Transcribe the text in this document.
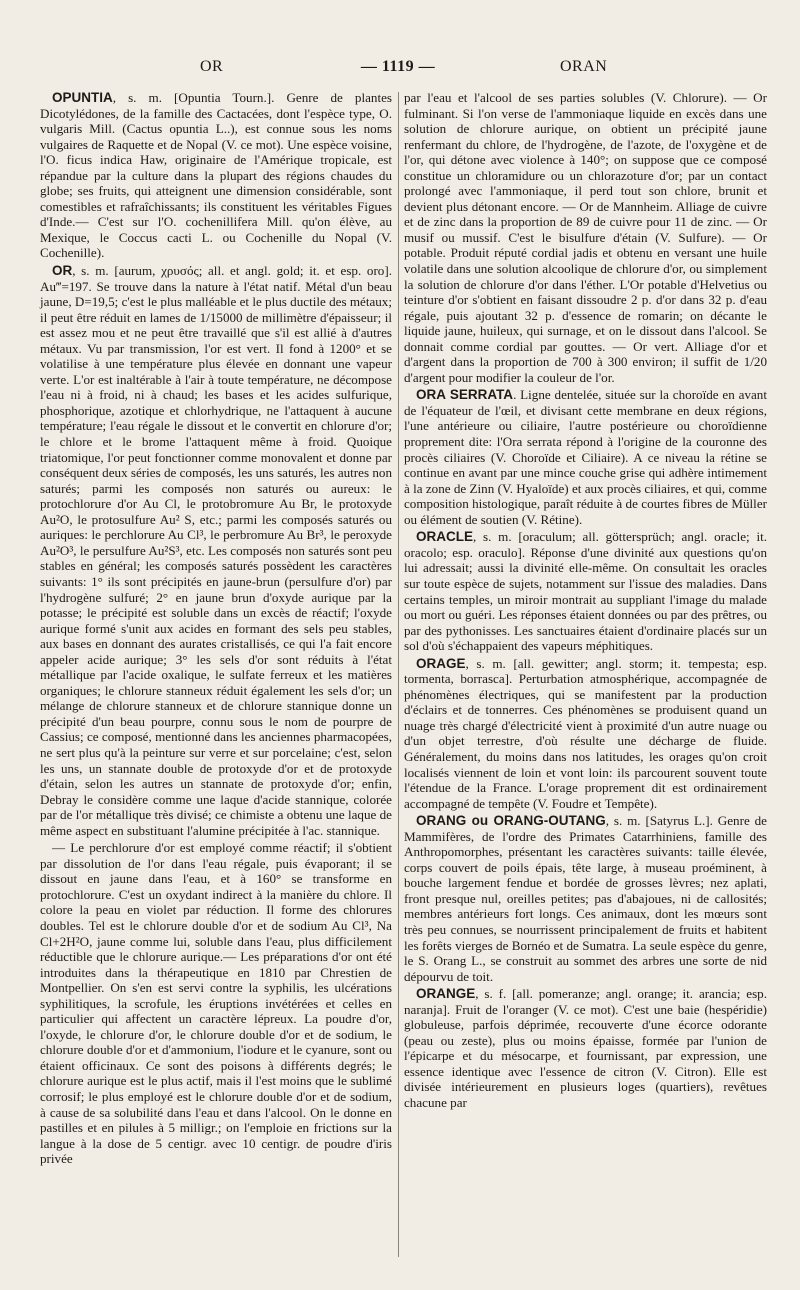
OR	— 1119 —	ORAN

OPUNTIA, s. m. [Opuntia Tourn.]. Genre de plantes Dicotylédones, de la famille des Cactacées, dont l'espèce type, O. vulgaris Mill. (Cactus opuntia L..), est connue sous les noms vulgaires de Raquette et de Nopal (V. ce mot). Une espèce voisine, l'O. ficus indica Haw, originaire de l'Amérique tropicale, est répandue par la culture dans la plupart des régions chaudes du globe; ses fruits, qui atteignent une dimension considérable, sont comestibles et rafraîchissants; ils constituent les véritables Figues d'Inde.— C'est sur l'O. cochenillifera Mill. qu'on élève, au Mexique, le Coccus cacti L. ou Cochenille du Nopal (V. Cochenille).

OR, s. m. [aurum, χρυσός; all. et angl. gold; it. et esp. oro]. Au‴=197. Se trouve dans la nature à l'état natif. Métal d'un beau jaune, D=19,5; c'est le plus malléable et le plus ductile des métaux; il peut être réduit en lames de 1/15000 de millimètre d'épaisseur; il est assez mou et ne peut être travaillé que s'il est allié à d'autres métaux. Vu par transmission, l'or est vert. Il fond à 1200° et se volatilise à une température plus élevée en donnant une vapeur verte. L'or est inaltérable à l'air à toute température, ne décompose l'eau ni à froid, ni à chaud; les bases et les acides sulfurique, phosphorique, azotique et chlorhydrique, ne l'attaquent à aucune température; l'eau régale le dissout et le convertit en chlorure d'or; le chlore et le brome l'attaquent même à froid. Quoique triatomique, l'or peut fonctionner comme monovalent et donne par conséquent deux séries de composés, les uns saturés, les autres non saturés; parmi les composés non saturés ou aureux: le protochlorure d'or Au Cl, le protobromure Au Br, le protoxyde Au²O, le protosulfure Au² S, etc.; parmi les composés saturés ou auriques: le perchlorure Au Cl³, le perbromure Au Br³, le peroxyde Au²O³, le persulfure Au²S³, etc. Les composés non saturés sont peu stables en général; les composés saturés possèdent les caractères suivants: 1° ils sont précipités en jaune-brun (persulfure d'or) par l'hydrogène sulfuré; 2° en jaune brun d'oxyde aurique par la potasse; le précipité est soluble dans un excès de réactif; l'oxyde aurique formé s'unit aux acides en formant des sels peu stables, aux bases en donnant des aurates cristallisés, ce qui l'a fait encore appeler acide aurique; 3° les sels d'or sont réduits à l'état métallique par l'acide oxalique, le sulfate ferreux et les matières organiques; le chlorure stanneux réduit également les sels d'or; un mélange de chlorure stanneux et de chlorure stannique donne un précipité d'un beau pourpre, connu sous le nom de pourpre de Cassius; ce composé, mentionné dans les anciennes pharmacopées, ne sert plus qu'à la peinture sur verre et sur porcelaine; c'est, selon les uns, un stannate double de protoxyde d'or et de protoxyde d'étain, selon les autres un stannate de protoxyde d'or; enfin, Debray le considère comme une laque d'acide stannique, colorée par de l'or métallique très divisé; ce chimiste a obtenu une laque de même aspect en substituant l'alumine précipitée à l'ac. stannique.

— Le perchlorure d'or est employé comme réactif; il s'obtient par dissolution de l'or dans l'eau régale, puis évaporant; il se dissout en jaune dans l'eau, et à 160° se transforme en protochlorure. C'est un oxydant indirect à la manière du chlore. Il colore la peau en violet par réduction. Il forme des chlorures doubles. Tel est le chlorure double d'or et de sodium Au Cl³, Na Cl+2H²O, jaune comme lui, soluble dans l'eau, plus difficilement réductible que le chlorure aurique.— Les préparations d'or ont été introduites dans la thérapeutique en 1810 par Chrestien de Montpellier. On s'en est servi contre la syphilis, les ulcérations syphilitiques, la scrofule, les éruptions invétérées et celles en particulier qui affectent un caractère lépreux. La poudre d'or, l'oxyde, le chlorure d'or, le chlorure double d'or et de sodium, le chlorure double d'or et d'ammonium, l'iodure et le cyanure, sont ou étaient officinaux. Ce sont des poisons à différents degrés; le chlorure aurique est le plus actif, mais il l'est moins que le sublimé corrosif; le plus employé est le chlorure double d'or et de sodium, à cause de sa solubilité dans l'eau et dans l'alcool. On le donne en pastilles et en pilules à 5 milligr.; on l'emploie en frictions sur la langue à la dose de 5 centigr. avec 10 centigr. de poudre d'iris privée

par l'eau et l'alcool de ses parties solubles (V. Chlorure). — Or fulminant. Si l'on verse de l'ammoniaque liquide en excès dans une solution de chlorure aurique, on obtient un précipité jaune renfermant du chlore, de l'hydrogène, de l'azote, de l'oxygène et de l'or, qui détone avec violence à 140°; on suppose que ce composé constitue un chloramidure ou un chlorazoture d'or; par un contact prolongé avec l'ammoniaque, il perd tout son chlore, brunit et devient plus détonant encore. — Or de Mannheim. Alliage de cuivre et de zinc dans la proportion de 89 de cuivre pour 11 de zinc. — Or musif ou mussif. C'est le bisulfure d'étain (V. Sulfure). — Or potable. Produit réputé cordial jadis et obtenu en versant une huile volatile dans une solution alcoolique de chlorure d'or, ou simplement la solution de chlorure d'or dans l'éther. L'Or potable d'Helvetius ou teinture d'or s'obtient en faisant dissoudre 2 p. d'or dans 32 p. d'eau régale, puis ajoutant 32 p. d'essence de romarin; on décante le liquide jaune, huileux, qui surnage, et on le dissout dans l'alcool. Se donnait comme cordial par gouttes. — Or vert. Alliage d'or et d'argent dans la proportion de 700 à 300 environ; il suffit de 1/20 d'argent pour modifier la couleur de l'or.

ORA SERRATA. Ligne dentelée, située sur la choroïde en avant de l'équateur de l'œil, et divisant cette membrane en deux régions, l'une antérieure ou ciliaire, l'autre postérieure ou choroïdienne proprement dite: l'Ora serrata répond à l'origine de la couronne des procès ciliaires (V. Choroïde et Ciliaire). A ce niveau la rétine se continue en avant par une mince couche grise qui adhère intimement à la zone de Zinn (V. Hyaloïde) et aux procès ciliaires, et qui, comme composition histologique, paraît réduite à de courtes fibres de Müller ou élément de soutien (V. Rétine).

ORACLE, s. m. [oraculum; all. göttersprüch; angl. oracle; it. oracolo; esp. oraculo]. Réponse d'une divinité aux questions qu'on lui adressait; aussi la divinité elle-même. On consultait les oracles sur toute espèce de sujets, notamment sur l'issue des maladies. Dans certains temples, un miroir montrait au suppliant l'image du malade ou mort ou guéri. Les réponses étaient données ou par des prêtres, ou par des pythonisses. Les sanctuaires étaient d'ordinaire placés sur un sol d'où s'échappaient des vapeurs méphitiques.

ORAGE, s. m. [all. gewitter; angl. storm; it. tempesta; esp. tormenta, borrasca]. Perturbation atmosphérique, accompagnée de phénomènes électriques, qui se manifestent par la production d'éclairs et de tonnerres. Ces phénomènes se produisent quand un nuage très chargé d'électricité vient à proximité d'un autre nuage ou d'un objet terrestre, d'où résulte une décharge de fluide. Généralement, du moins dans nos latitudes, les orages qu'on croit localisés viennent de loin et vont loin: ils parcourent souvent toute l'étendue de la France. L'orage proprement dit est ordinairement accompagné de tempête (V. Foudre et Tempête).

ORANG ou ORANG-OUTANG, s. m. [Satyrus L.]. Genre de Mammifères, de l'ordre des Primates Catarrhiniens, famille des Anthropomorphes, présentant les caractères suivants: taille élevée, corps couvert de poils épais, tête large, à museau proéminent, à bouche largement fendue et bordée de grosses lèvres; nez aplati, front presque nul, oreilles petites; pas d'abajoues, ni de callosités; membres antérieurs fort longs. Ces animaux, dont les mœurs sont très peu connues, se nourrissent principalement de fruits et habitent les forêts vierges de Bornéo et de Sumatra. La seule espèce du genre, le S. Orang L., se construit au sommet des arbres une sorte de nid dépourvu de toit.

ORANGE, s. f. [all. pomeranze; angl. orange; it. arancia; esp. naranja]. Fruit de l'oranger (V. ce mot). C'est une baie (hespéridie) globuleuse, parfois déprimée, recouverte d'une écorce odorante (peau ou zeste), plus ou moins épaisse, formée par l'union de l'épicarpe et du mésocarpe, et fournissant, par expression, une essence identique avec l'essence de citron (V. Citron). Elle est divisée intérieurement en plusieurs loges (quartiers), revêtues chacune par
